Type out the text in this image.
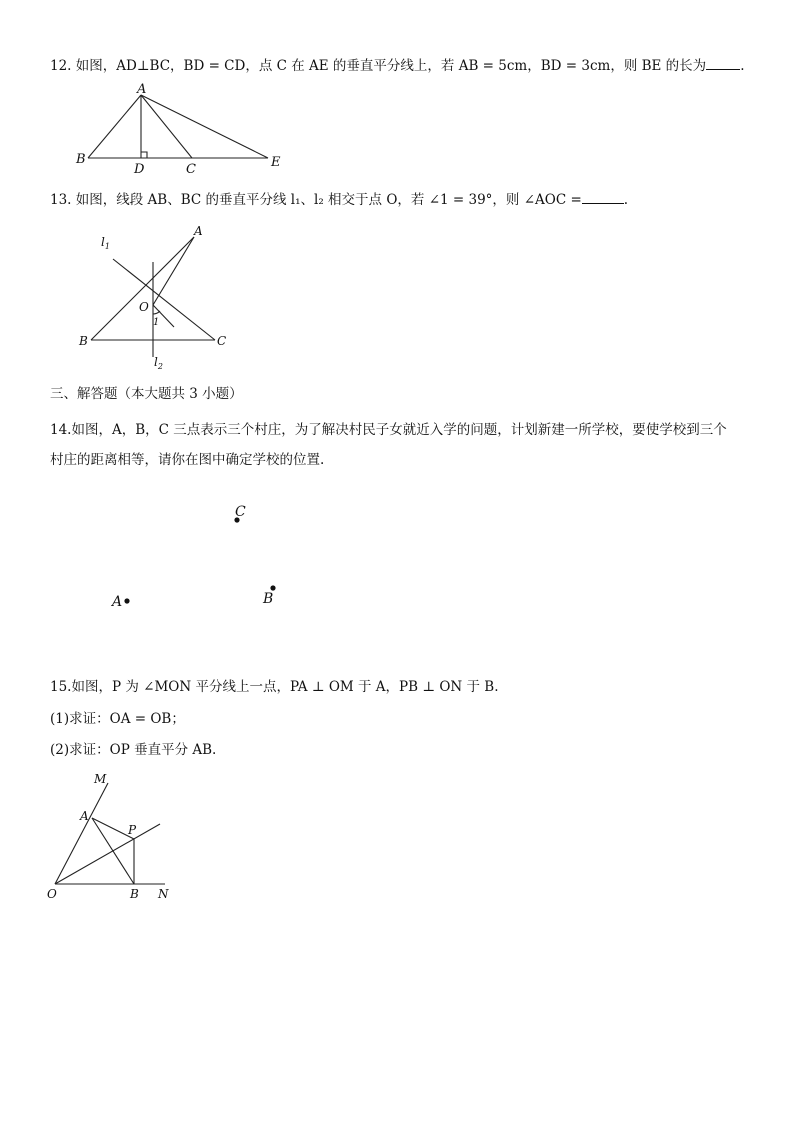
12. 如图，AD⊥BC，BD = CD，点 C 在 AE 的垂直平分线上，若 AB = 5cm，BD = 3cm，则 BE 的长为	.
A
B
D	C	E
$l_1$
A
O
1
B	C
$l_2$
C
A	B
M
A
P
O	B N
13. 如图，线段 AB、BC 的垂直平分线 l₁、l₂ 相交于点 O，若 ∠1 = 39°，则 ∠AOC =	.
三、解答题（本大题共 3 小题）
14.如图，A，B，C 三点表示三个村庄，为了解决村民子女就近入学的问题，计划新建一所学校，要使学校到三个
村庄的距离相等，请你在图中确定学校的位置.
15.如图，P 为 ∠MON 平分线上一点，PA ⊥ OM 于 A，PB ⊥ ON 于 B.
(1)求证：OA = OB；
(2)求证：OP 垂直平分 AB.
